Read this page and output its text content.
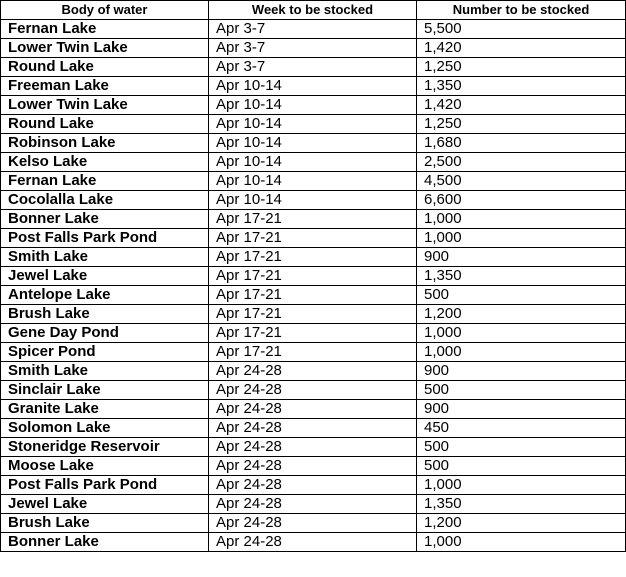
Body of water	Week to be stocked	Number to be stocked
Fernan Lake	Apr 3-7	5,500
Lower Twin Lake	Apr 3-7	1,420
Round Lake	Apr 3-7	1,250
Freeman Lake	Apr 10-14	1,350
Lower Twin Lake	Apr 10-14	1,420
Round Lake	Apr 10-14	1,250
Robinson Lake	Apr 10-14	1,680
Kelso Lake	Apr 10-14	2,500
Fernan Lake	Apr 10-14	4,500
Cocolalla Lake	Apr 10-14	6,600
Bonner Lake	Apr 17-21	1,000
Post Falls Park Pond	Apr 17-21	1,000
Smith Lake	Apr 17-21	900
Jewel Lake	Apr 17-21	1,350
Antelope Lake	Apr 17-21	500
Brush Lake	Apr 17-21	1,200
Gene Day Pond	Apr 17-21	1,000
Spicer Pond	Apr 17-21	1,000
Smith Lake	Apr 24-28	900
Sinclair Lake	Apr 24-28	500
Granite Lake	Apr 24-28	900
Solomon Lake	Apr 24-28	450
Stoneridge Reservoir	Apr 24-28	500
Moose Lake	Apr 24-28	500
Post Falls Park Pond	Apr 24-28	1,000
Jewel Lake	Apr 24-28	1,350
Brush Lake	Apr 24-28	1,200
Bonner Lake	Apr 24-28	1,000
